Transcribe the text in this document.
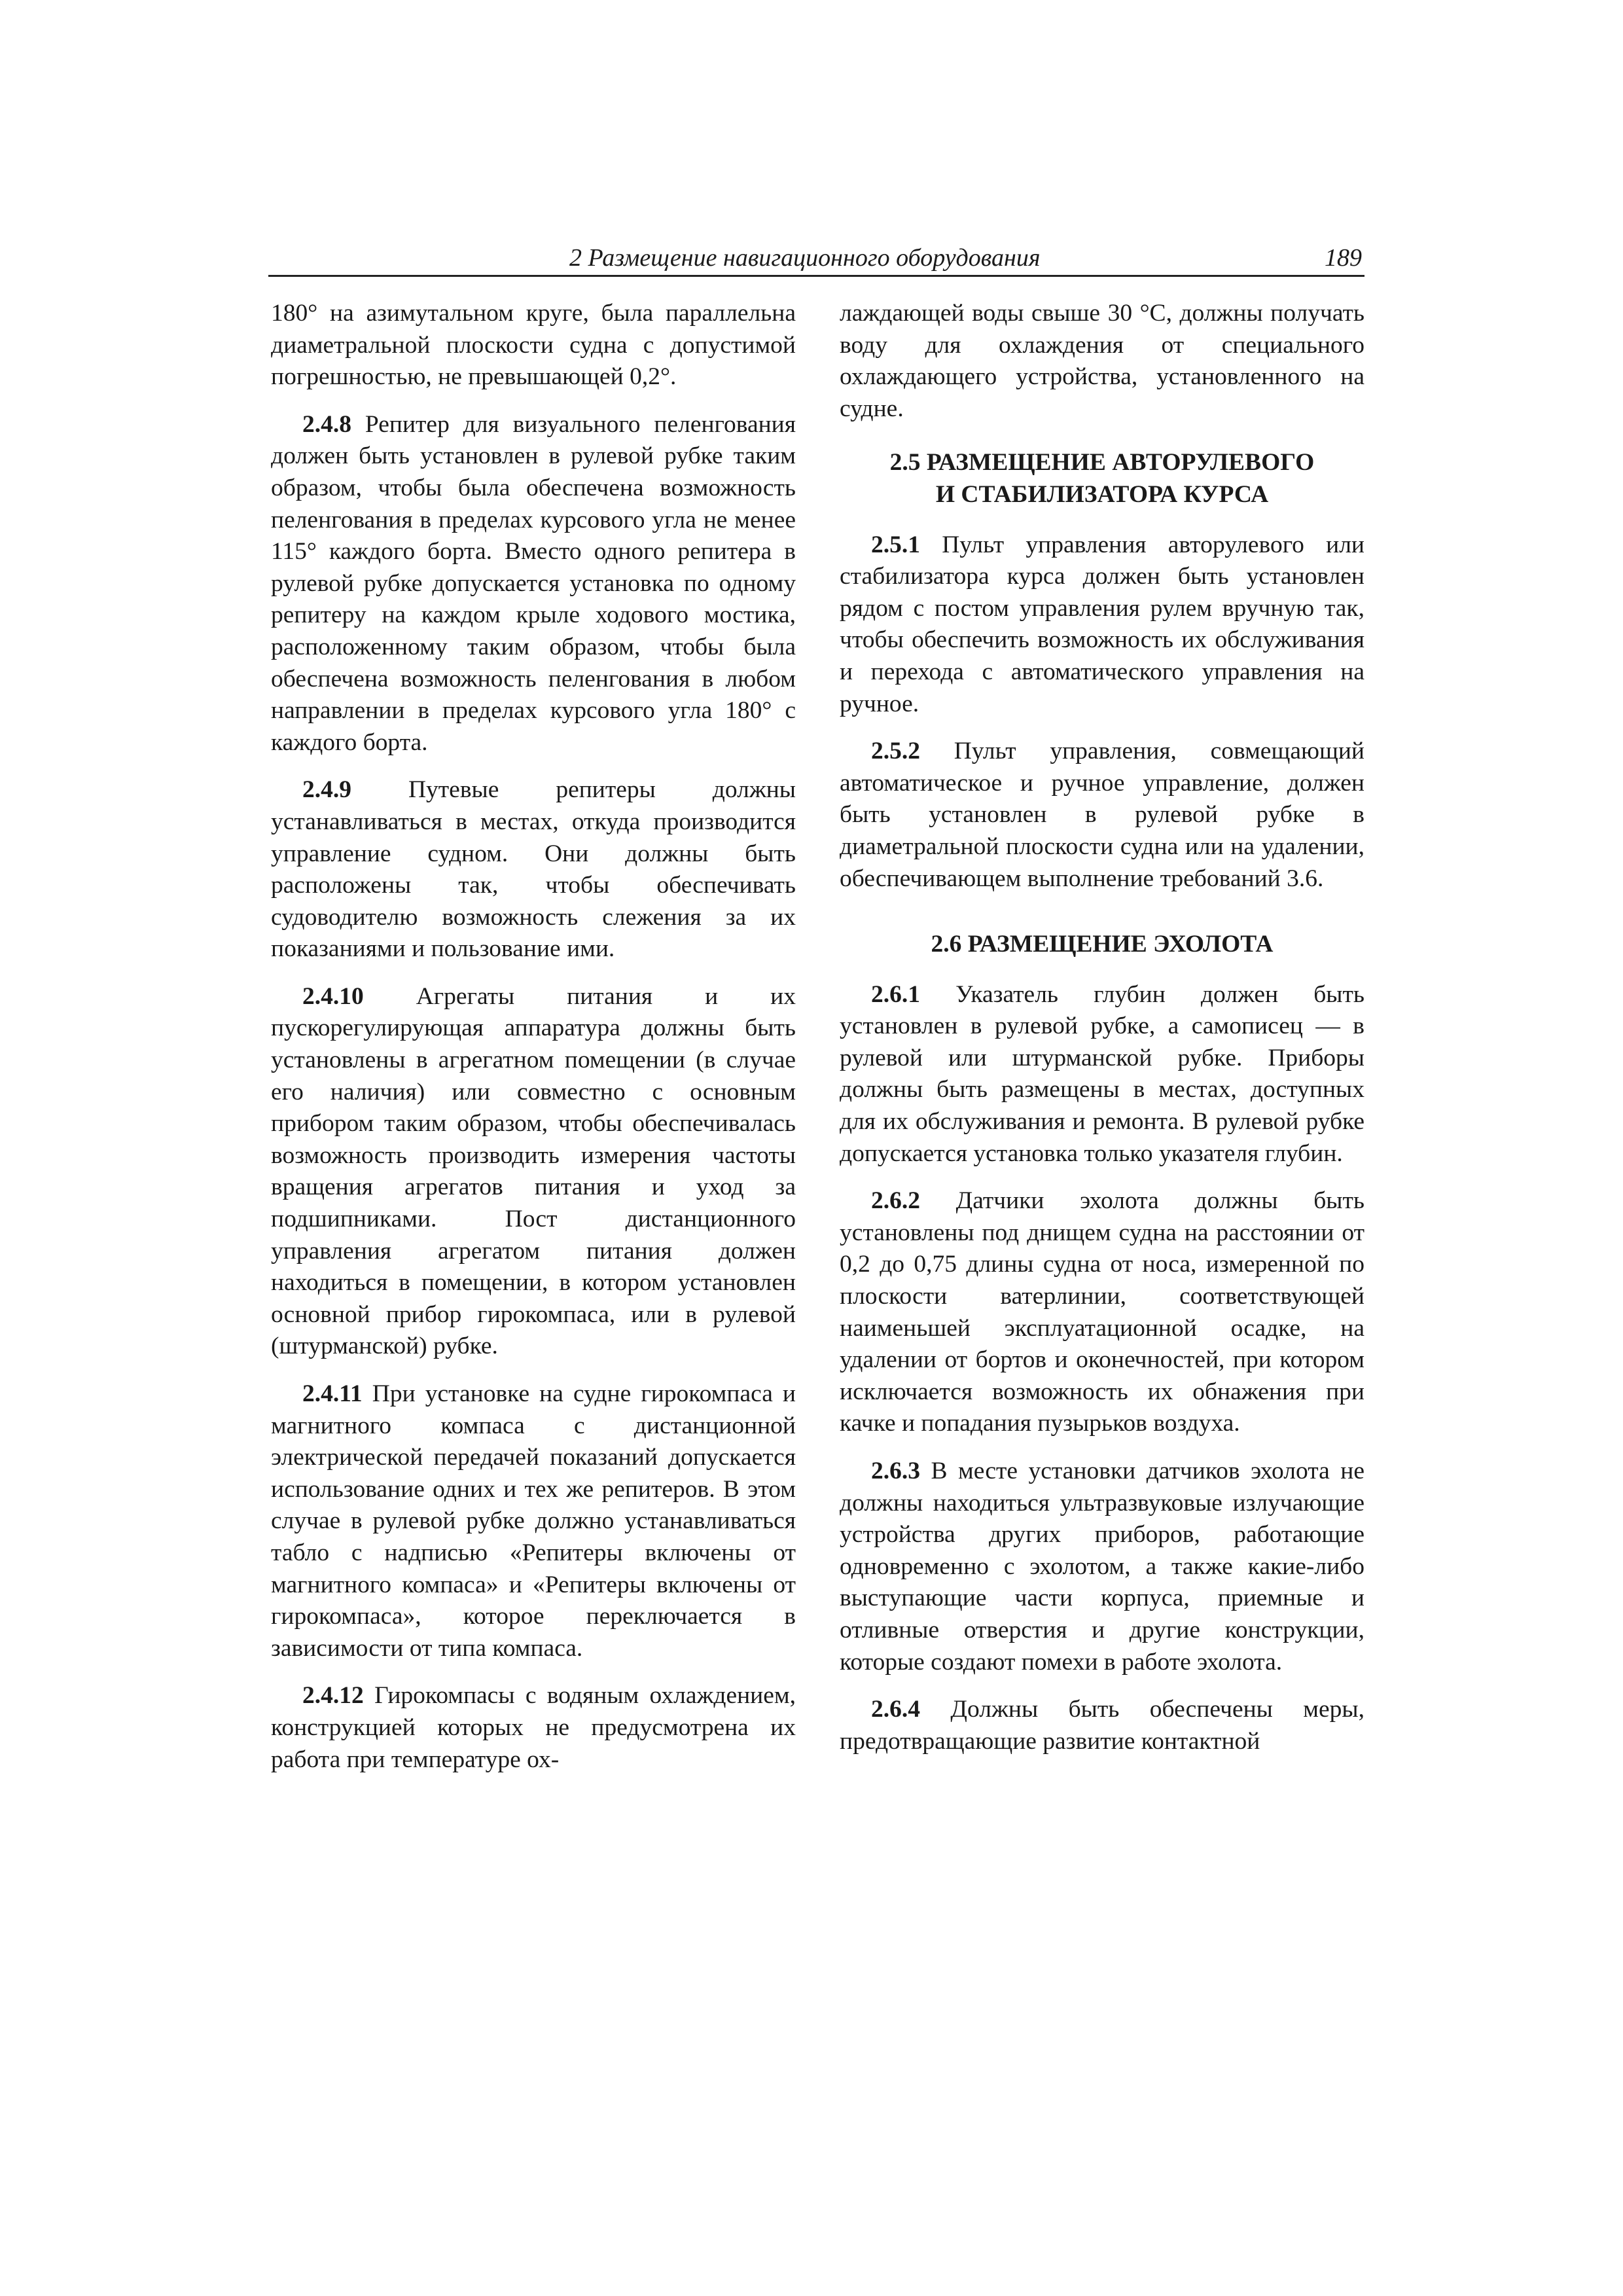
2 Размещение навигационного оборудования	189

180° на азимутальном круге, была параллельна диаметральной плоскости судна с допустимой погрешностью, не превышающей 0,2°.

2.4.8 Репитер для визуального пеленгования должен быть установлен в рулевой рубке таким образом, чтобы была обеспечена возможность пеленгования в пределах курсового угла не менее 115° каждого борта. Вместо одного репитера в рулевой рубке допускается установка по одному репитеру на каждом крыле ходового мостика, расположенному таким образом, чтобы была обеспечена возможность пеленгования в любом направлении в пределах курсового угла 180° с каждого борта.

2.4.9 Путевые репитеры должны устанавливаться в местах, откуда производится управление судном. Они должны быть расположены так, чтобы обеспечивать судоводителю возможность слежения за их показаниями и пользование ими.

2.4.10 Агрегаты питания и их пускорегулирующая аппаратура должны быть установлены в агрегатном помещении (в случае его наличия) или совместно с основным прибором таким образом, чтобы обеспечивалась возможность производить измерения частоты вращения агрегатов питания и уход за подшипниками. Пост дистанционного управления агрегатом питания должен находиться в помещении, в котором установлен основной прибор гирокомпаса, или в рулевой (штурманской) рубке.

2.4.11 При установке на судне гирокомпаса и магнитного компаса с дистанционной электрической передачей показаний допускается использование одних и тех же репитеров. В этом случае в рулевой рубке должно устанавливаться табло с надписью «Репитеры включены от магнитного компаса» и «Репитеры включены от гирокомпаса», которое переключается в зависимости от типа компаса.

2.4.12 Гирокомпасы с водяным охлаждением, конструкцией которых не предусмотрена их работа при температуре ох-

лаждающей воды свыше 30 °С, должны получать воду для охлаждения от специального охлаждающего устройства, установленного на судне.

2.5 РАЗМЕЩЕНИЕ АВТОРУЛЕВОГО
И СТАБИЛИЗАТОРА КУРСА

2.5.1 Пульт управления авторулевого или стабилизатора курса должен быть установлен рядом с постом управления рулем вручную так, чтобы обеспечить возможность их обслуживания и перехода с автоматического управления на ручное.

2.5.2 Пульт управления, совмещающий автоматическое и ручное управление, должен быть установлен в рулевой рубке в диаметральной плоскости судна или на удалении, обеспечивающем выполнение требований 3.6.

2.6 РАЗМЕЩЕНИЕ ЭХОЛОТА

2.6.1 Указатель глубин должен быть установлен в рулевой рубке, а самописец — в рулевой или штурманской рубке. Приборы должны быть размещены в местах, доступных для их обслуживания и ремонта. В рулевой рубке допускается установка только указателя глубин.

2.6.2 Датчики эхолота должны быть установлены под днищем судна на расстоянии от 0,2 до 0,75 длины судна от носа, измеренной по плоскости ватерлинии, соответствующей наименьшей эксплуатационной осадке, на удалении от бортов и оконечностей, при котором исключается возможность их обнажения при качке и попадания пузырьков воздуха.

2.6.3 В месте установки датчиков эхолота не должны находиться ультразвуковые излучающие устройства других приборов, работающие одновременно с эхолотом, а также какие-либо выступающие части корпуса, приемные и отливные отверстия и другие конструкции, которые создают помехи в работе эхолота.

2.6.4 Должны быть обеспечены меры, предотвращающие развитие контактной
